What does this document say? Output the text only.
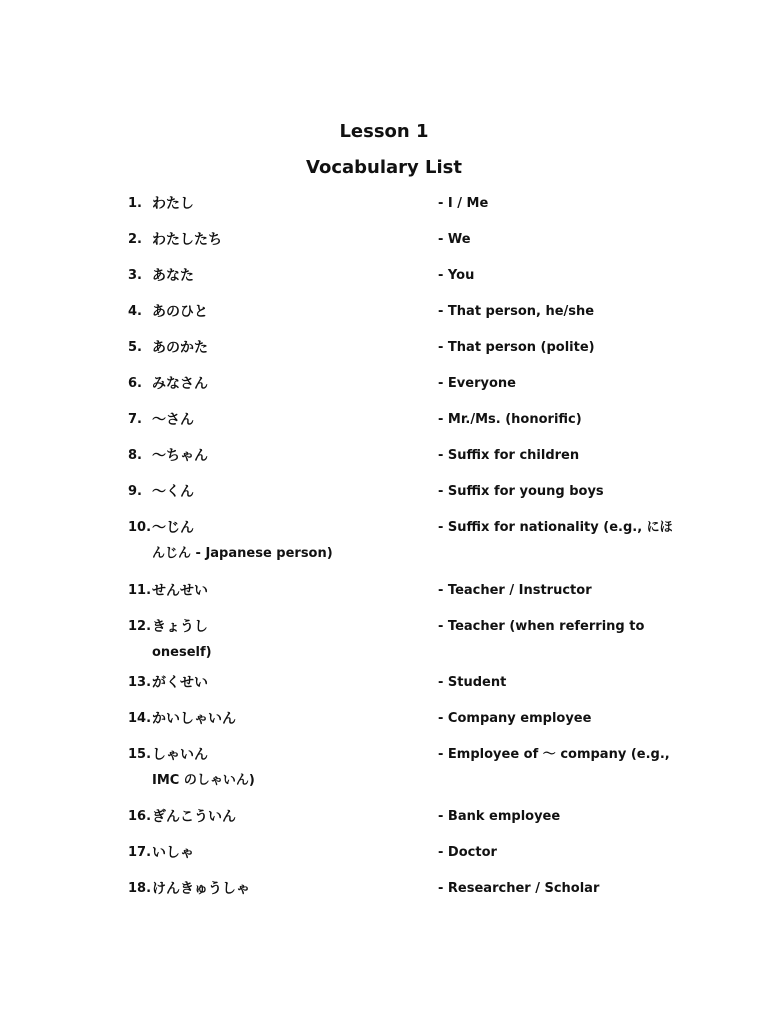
Lesson 1
Vocabulary List
1. わたし	- I / Me
2. わたしたち	- We
3. あなた	- You
4. あのひと	- That person, he/she
5. あのかた	- That person (polite)
6. みなさん	- Everyone
7. 〜さん	- Mr./Ms. (honorific)
8. 〜ちゃん	- Suffix for children
9. 〜くん	- Suffix for young boys
10. 〜じん	- Suffix for nationality (e.g., にほ
んじん - Japanese person)
11. せんせい	- Teacher / Instructor
12. きょうし	- Teacher (when referring to
oneself)
13. がくせい	- Student
14. かいしゃいん	- Company employee
15. しゃいん	- Employee of 〜 company (e.g.,
IMC のしゃいん)
16. ぎんこういん	- Bank employee
17. いしゃ	- Doctor
18. けんきゅうしゃ	- Researcher / Scholar
